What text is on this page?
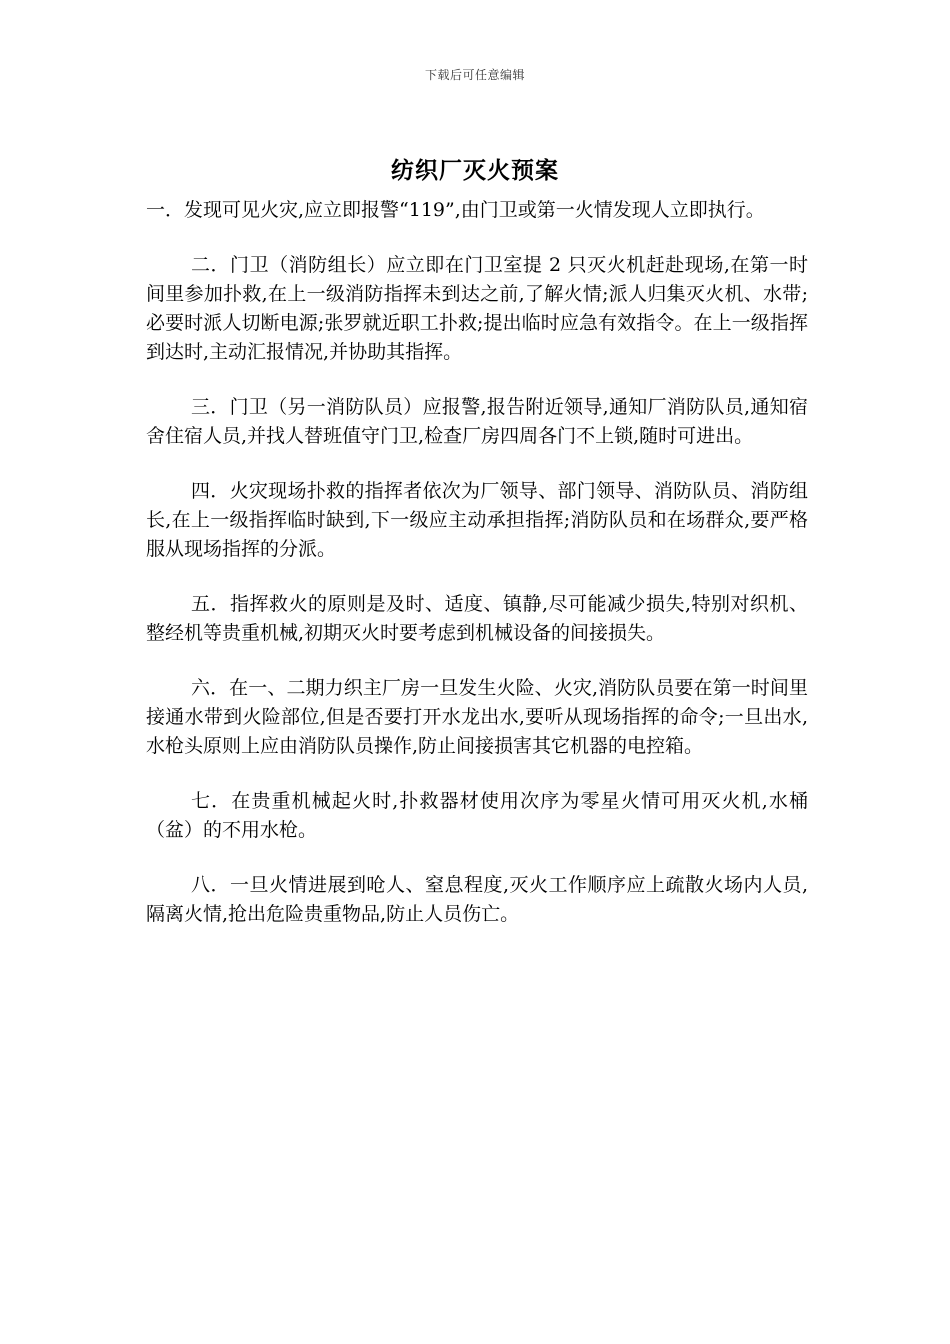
下载后可任意编辑
纺织厂灭火预案

一．发现可见火灾,应立即报警“119”,由门卫或第一火情发现人立即执行。

二．门卫（消防组长）应立即在门卫室提 2 只灭火机赶赴现场,在第一时间里参加扑救,在上一级消防指挥未到达之前,了解火情;派人归集灭火机、水带;必要时派人切断电源;张罗就近职工扑救;提出临时应急有效指令。在上一级指挥到达时,主动汇报情况,并协助其指挥。

三．门卫（另一消防队员）应报警,报告附近领导,通知厂消防队员,通知宿舍住宿人员,并找人替班值守门卫,检查厂房四周各门不上锁,随时可进出。

四．火灾现场扑救的指挥者依次为厂领导、部门领导、消防队员、消防组长,在上一级指挥临时缺到,下一级应主动承担指挥;消防队员和在场群众,要严格服从现场指挥的分派。

五．指挥救火的原则是及时、适度、镇静,尽可能减少损失,特别对织机、整经机等贵重机械,初期灭火时要考虑到机械设备的间接损失。

六．在一、二期力织主厂房一旦发生火险、火灾,消防队员要在第一时间里接通水带到火险部位,但是否要打开水龙出水,要听从现场指挥的命令;一旦出水,水枪头原则上应由消防队员操作,防止间接损害其它机器的电控箱。

七．在贵重机械起火时,扑救器材使用次序为零星火情可用灭火机,水桶（盆）的不用水枪。

八．一旦火情进展到呛人、窒息程度,灭火工作顺序应上疏散火场内人员,隔离火情,抢出危险贵重物品,防止人员伤亡。
